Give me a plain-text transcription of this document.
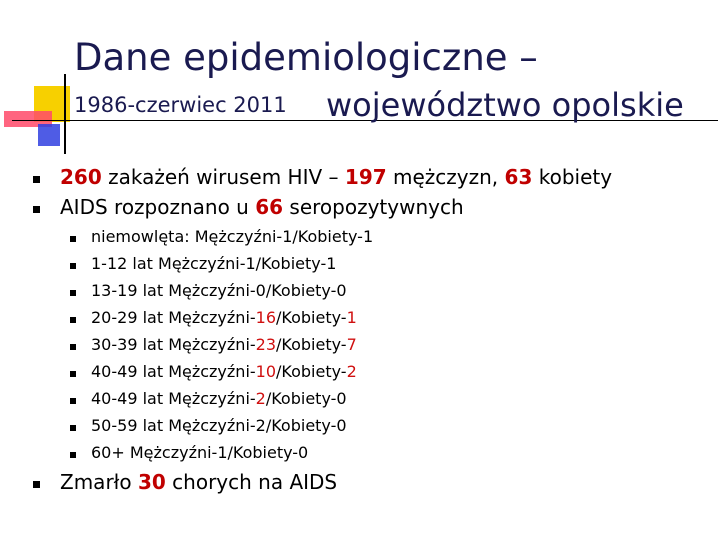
Dane epidemiologiczne –
1986-czerwiec 2011 województwo opolskie
260 zakażeń wirusem HIV – 197 mężczyzn, 63 kobiety
AIDS rozpoznano u 66 seropozytywnych
niemowlęta: Mężczyźni-1/Kobiety-1
1-12 lat Mężczyźni-1/Kobiety-1
13-19 lat Mężczyźni-0/Kobiety-0
20-29 lat Mężczyźni-16/Kobiety-1
30-39 lat Mężczyźni-23/Kobiety-7
40-49 lat Mężczyźni-10/Kobiety-2
40-49 lat Mężczyźni-2/Kobiety-0
50-59 lat Mężczyźni-2/Kobiety-0
60+ Mężczyźni-1/Kobiety-0
Zmarło 30 chorych na AIDS
